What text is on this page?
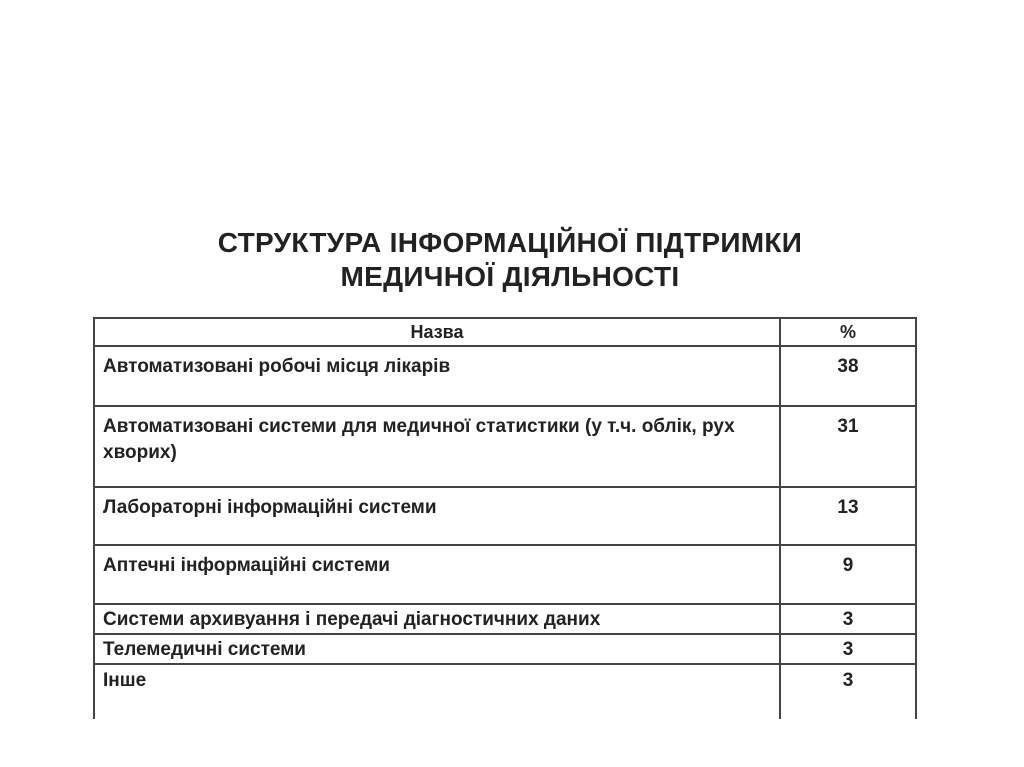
СТРУКТУРА ІНФОРМАЦІЙНОЇ ПІДТРИМКИ
МЕДИЧНОЇ ДІЯЛЬНОСТІ
Назва	%
Автоматизовані робочі місця лікарів	38
Автоматизовані системи для медичної статистики (у т.ч. облік, рух хворих)	31
Лабораторні інформаційні системи	13
Аптечні інформаційні системи	9
Системи архивуання і передачі діагностичних даних	3
Телемедичні системи	3
Інше	3
